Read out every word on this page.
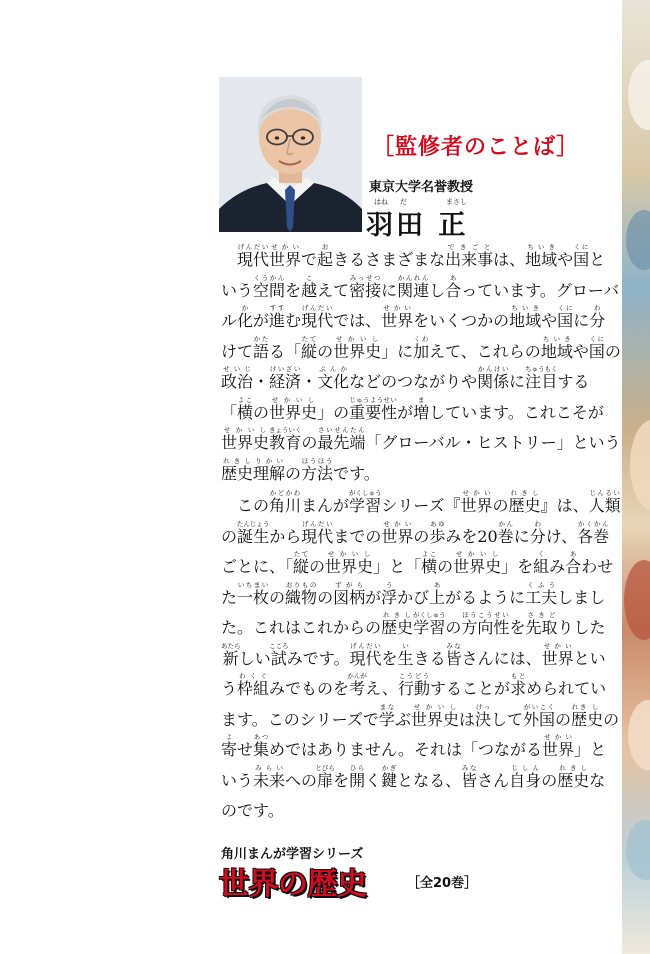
［監修者のことば］
東京大学名誉教授
はね だ	まさし
羽田 正

現代げんだい世界せかいで起おきるさまざまな出来事できごとは、地域ちいきや国くにという空間くうかんを越こえて密接みっせつに関連かんれんし合あっています。グローバル化かが進すすむ現代げんだいでは、世界せかいをいくつかの地域ちいきや国くにに分わけて語かたる「縦たての世界史せかいし」に加くわえて、これらの地域ちいきや国くにの政治せいじ・経済けいざい・文化ぶんかなどのつながりや関係かんけいに注目ちゅうもくする「横よこの世界史せかいし」の重要性じゅうようせいが増ましています。これこそが世界史せかいし教育きょういくの最先端さいせんたん「グローバル・ヒストリー」という歴史れきし理解りかいの方法ほうほうです。

この角川かどかわまんが学習がくしゅうシリーズ『世界せかいの歴史れきし』は、人じん類るいの誕生たんじょうから現代げんだいまでの世界せかいの歩あゆみを20巻かんに分わけ、各かく巻かんごとに、「縦たての世界史せかいし」と「横よこの世界史せかいし」を組くみ合あわせた一枚いちまいの織物おりものの図柄ずがらが浮うかび上あがるように工夫くふうしました。これはこれからの歴史れきし学習がくしゅうの方向性ほうこうせいを先取さきどりした新あたらしい試こころみです。現代げんだいを生いきる皆みなさんには、世界せかいという枠組わくぐみでものを考かんがえ、行動こうどうすることが求もとめられています。このシリーズで学まなぶ世界史せかいしは決けっして外国がいこくの歴れき史しの寄よせ集あつめではありません。それは「つながる世界せかい」という未来みらいへの扉とびらを開ひらく鍵かぎとなる、皆みなさん自身じしんの歴史れきしなのです。

角川まんが学習シリーズ
世界の歴史	［全20巻］
